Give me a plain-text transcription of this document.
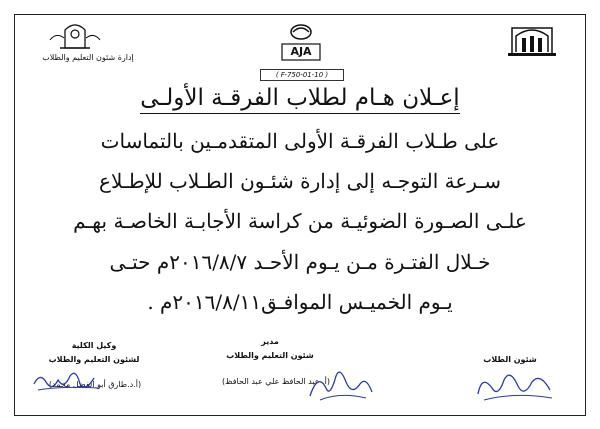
AJA
إدارة شئون التعليم والطلاب
( F-750-01-10 )
إعـلان هـام لطلاب الفرقـة الأولـى
على طـلاب الفرقـة الأولى المتقدمـين بالتماسات
سـرعة التوجـه إلى إدارة شئـون الطـلاب للإطـلاع
علـى الصـورة الضوئيـة من كراسة الأجابـة الخاصـة بهـم
خـلال الفتـرة مـن يـوم الأحـد ٢٠١٦/٨/٧م حتـى
يـوم الخميـس الموافـق٢٠١٦/٨/١١م .
وكيل الكلية
لشئون التعليم والطلاب
(أ.د.طارق أبو الفضل محمد)
مدير
شئون التعليم والطلاب
(أ. عبد الحافظ علي عبد الحافظ)
شئون الطلاب
